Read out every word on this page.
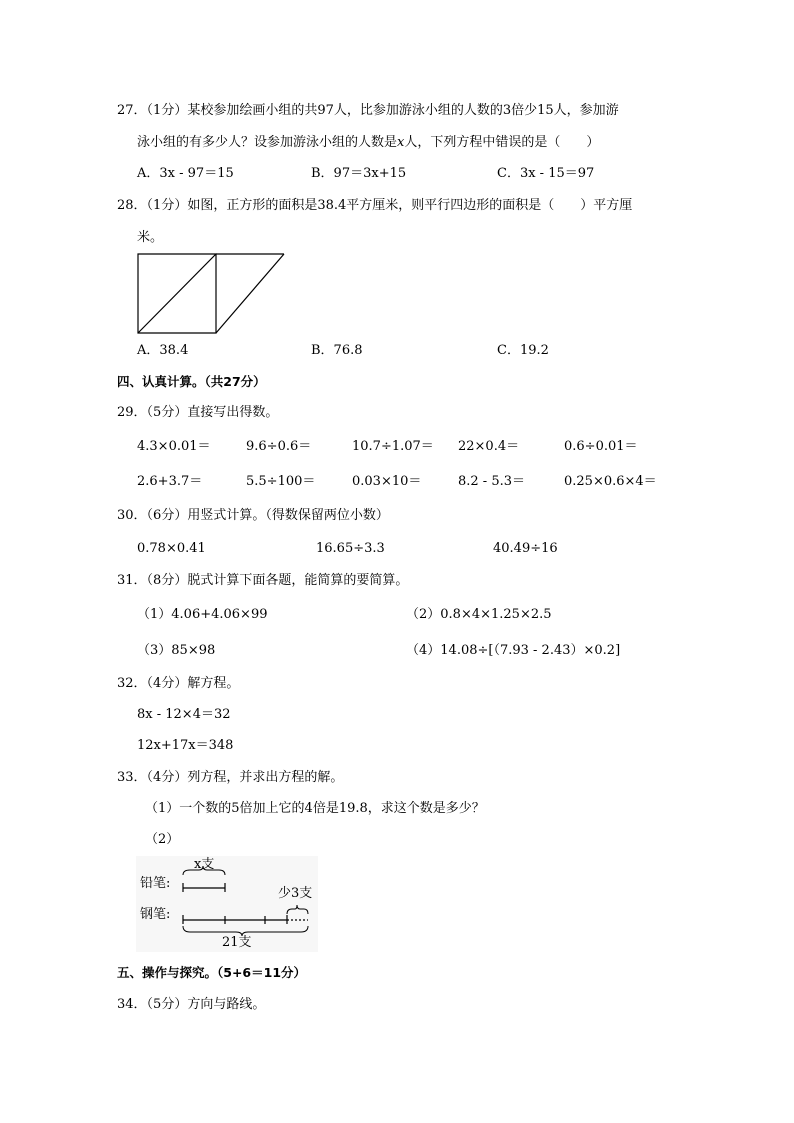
27．（1分）某校参加绘画小组的共97人，比参加游泳小组的人数的3倍少15人，参加游
泳小组的有多少人？设参加游泳小组的人数是x人，下列方程中错误的是（　　）
A．3x - 97＝15	B．97＝3x+15	C．3x - 15＝97
28．（1分）如图，正方形的面积是38.4平方厘米，则平行四边形的面积是（　　）平方厘
米。
A．38.4	B．76.8	C．19.2
四、认真计算。（共27分）
29．（5分）直接写出得数。
4.3×0.01＝	9.6÷0.6＝	10.7÷1.07＝ 22×0.4＝	0.6÷0.01＝
2.6+3.7＝	5.5÷100＝	0.03×10＝	8.2 - 5.3＝	0.25×0.6×4＝
30．（6分）用竖式计算。（得数保留两位小数）
0.78×0.41	16.65÷3.3	40.49÷16
31．（8分）脱式计算下面各题，能简算的要简算。
（1）4.06+4.06×99	（2）0.8×4×1.25×2.5
（3）85×98	（4）14.08÷[（7.93 - 2.43）×0.2]
32．（4分）解方程。
8x - 12×4＝32
12x+17x＝348
33．（4分）列方程，并求出方程的解。
（1）一个数的5倍加上它的4倍是19.8，求这个数是多少？
（2）
铅笔:
钢笔:
x支
少3支
21支
五、操作与探究。（5+6＝11分）
34．（5分）方向与路线。
